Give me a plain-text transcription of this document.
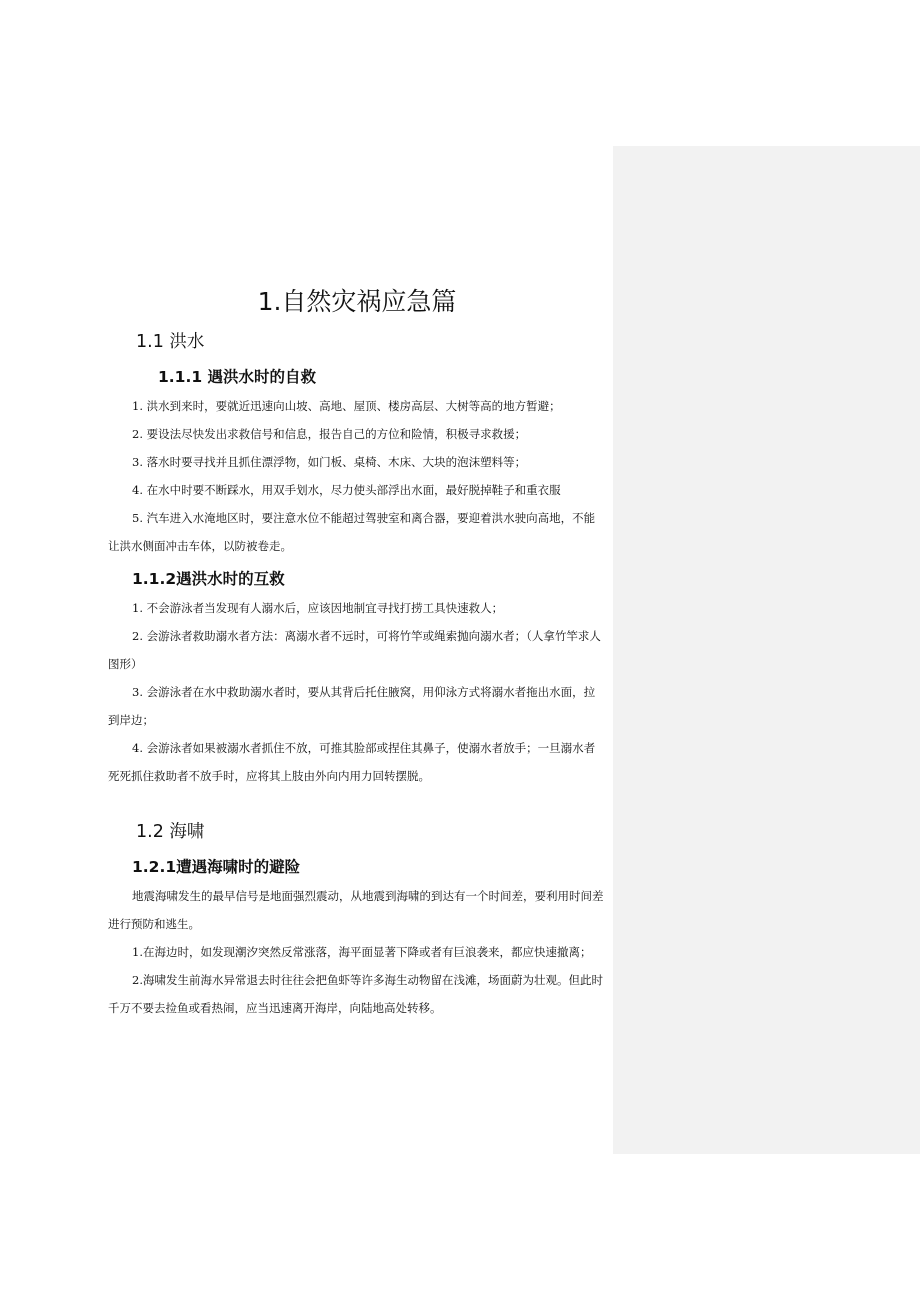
1.自然灾祸应急篇
1.1 洪水
1.1.1 遇洪水时的自救

1. 洪水到来时，要就近迅速向山坡、高地、屋顶、楼房高层、大树等高的地方暂避；

2. 要设法尽快发出求救信号和信息，报告自己的方位和险情，积极寻求救援；

3. 落水时要寻找并且抓住漂浮物，如门板、桌椅、木床、大块的泡沫塑料等；

4. 在水中时要不断踩水，用双手划水，尽力使头部浮出水面，最好脱掉鞋子和重衣服

5. 汽车进入水淹地区时，要注意水位不能超过驾驶室和离合器，要迎着洪水驶向高地，不能让洪水侧面冲击车体，以防被卷走。

1.1.2遇洪水时的互救

1. 不会游泳者当发现有人溺水后，应该因地制宜寻找打捞工具快速救人；

2. 会游泳者救助溺水者方法：离溺水者不远时，可将竹竿或绳索抛向溺水者；（人拿竹竿求人图形）

3. 会游泳者在水中救助溺水者时，要从其背后托住腋窝，用仰泳方式将溺水者拖出水面，拉到岸边；

4. 会游泳者如果被溺水者抓住不放，可推其脸部或捏住其鼻子，使溺水者放手；一旦溺水者死死抓住救助者不放手时，应将其上肢由外向内用力回转摆脱。

1.2 海啸
1.2.1遭遇海啸时的避险

地震海啸发生的最早信号是地面强烈震动，从地震到海啸的到达有一个时间差，要利用时间差进行预防和逃生。

1.在海边时，如发现潮汐突然反常涨落，海平面显著下降或者有巨浪袭来，都应快速撤离；

2.海啸发生前海水异常退去时往往会把鱼虾等许多海生动物留在浅滩，场面蔚为壮观。但此时千万不要去捡鱼或看热闹，应当迅速离开海岸，向陆地高处转移。
